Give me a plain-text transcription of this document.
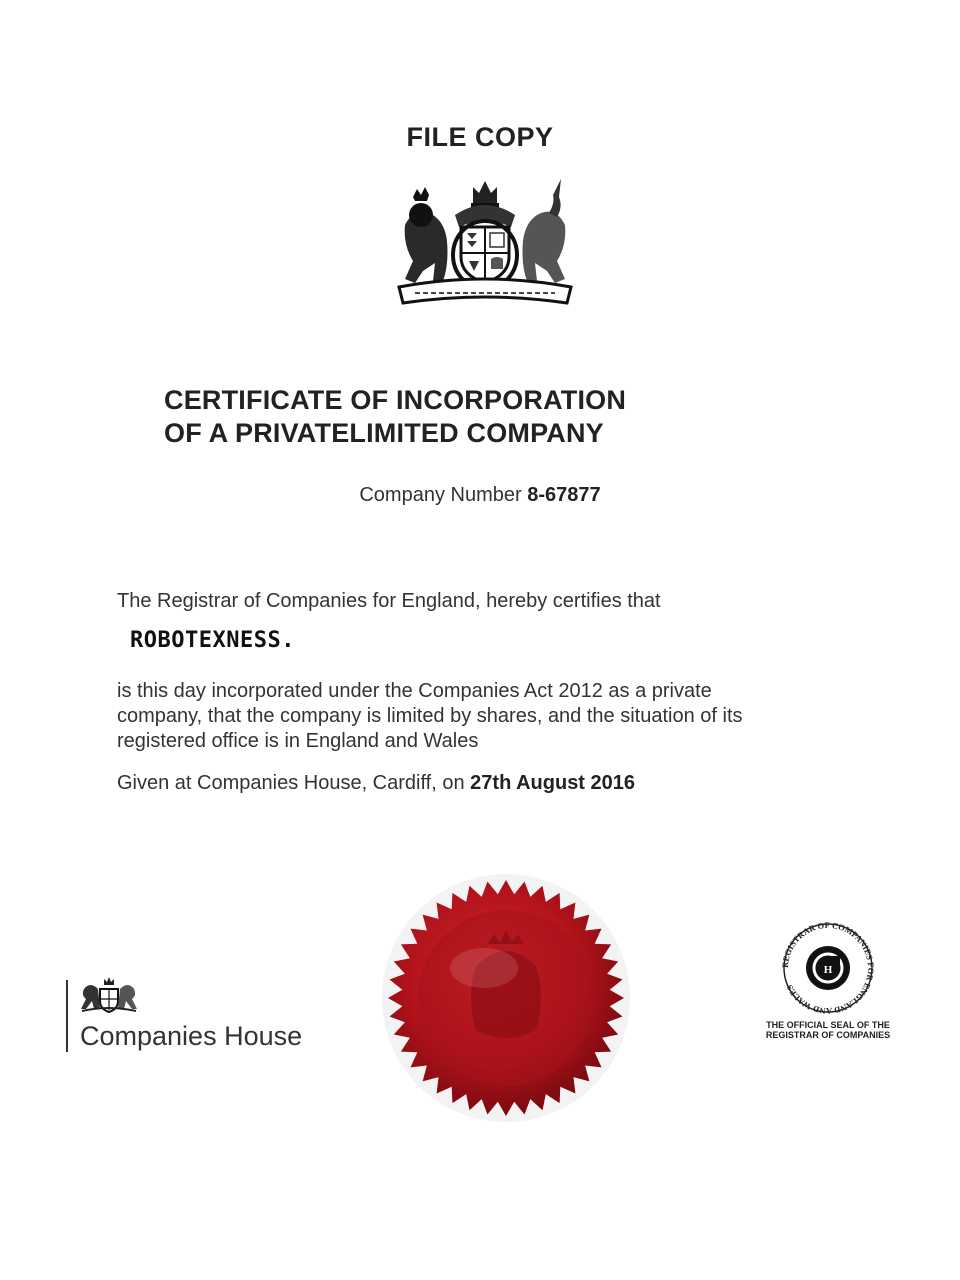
FILE COPY
CERTIFICATE OF INCORPORATION
OF A PRIVATELIMITED COMPANY
Company Number 8-67877
The Registrar of Companies for England, hereby certifies that
ROBOTEXNESS.
is this day incorporated under the Companies Act 2012 as a private
company, that the company is limited by shares, and the situation of its
registered office is in England and Wales
Given at Companies House, Cardiff, on 27th August 2016
Companies House
REGISTRAR OF COMPANIES FOR ENGLAND AND WALES
H
THE OFFICIAL SEAL OF THE
REGISTRAR OF COMPANIES
